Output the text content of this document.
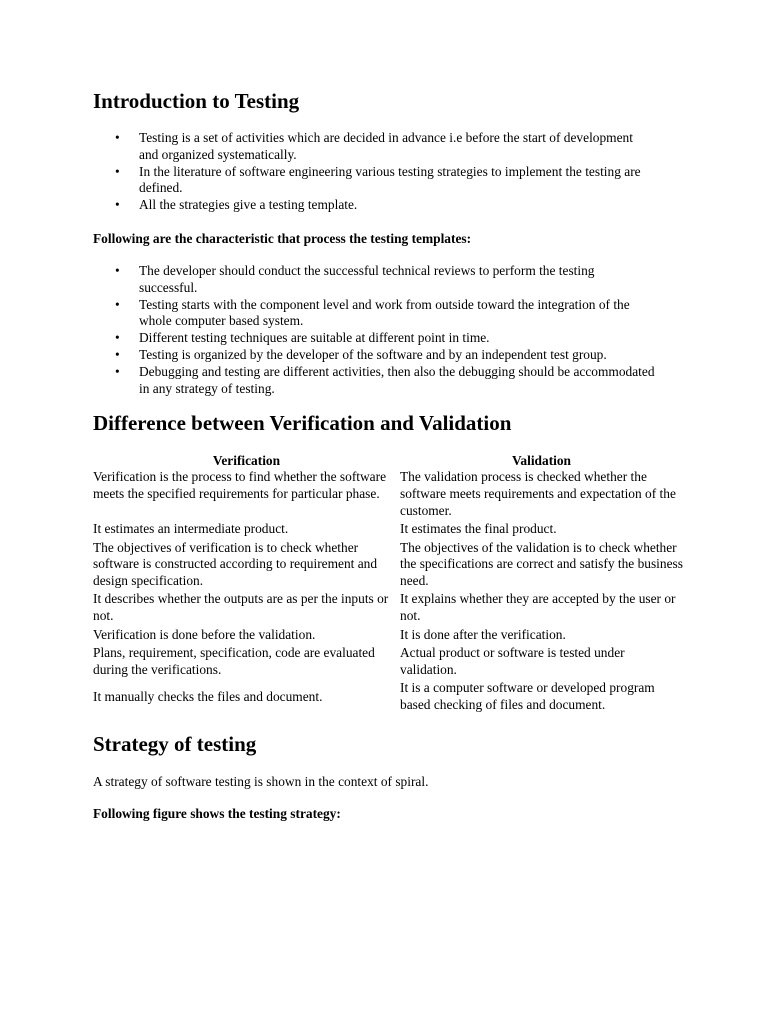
Introduction to Testing
• Testing is a set of activities which are decided in advance i.e before the start of development and organized systematically.
• In the literature of software engineering various testing strategies to implement the testing are defined.
• All the strategies give a testing template.

Following are the characteristic that process the testing templates:

• The developer should conduct the successful technical reviews to perform the testing successful.
• Testing starts with the component level and work from outside toward the integration of the whole computer based system.
• Different testing techniques are suitable at different point in time.
• Testing is organized by the developer of the software and by an independent test group.
• Debugging and testing are different activities, then also the debugging should be accommodated in any strategy of testing.
Difference between Verification and Validation
Verification	Validation
Verification is the process to find whether the software meets the specified requirements for particular phase.	The validation process is checked whether the software meets requirements and expectation of the customer.
It estimates an intermediate product.	It estimates the final product.
The objectives of verification is to check whether software is constructed according to requirement and design specification.	The objectives of the validation is to check whether the specifications are correct and satisfy the business need.
It describes whether the outputs are as per the inputs or not.	It explains whether they are accepted by the user or not.
Verification is done before the validation.	It is done after the verification.
Plans, requirement, specification, code are evaluated during the verifications.	Actual product or software is tested under validation.
It manually checks the files and document.	It is a computer software or developed program based checking of files and document.
Strategy of testing

A strategy of software testing is shown in the context of spiral.

Following figure shows the testing strategy:
